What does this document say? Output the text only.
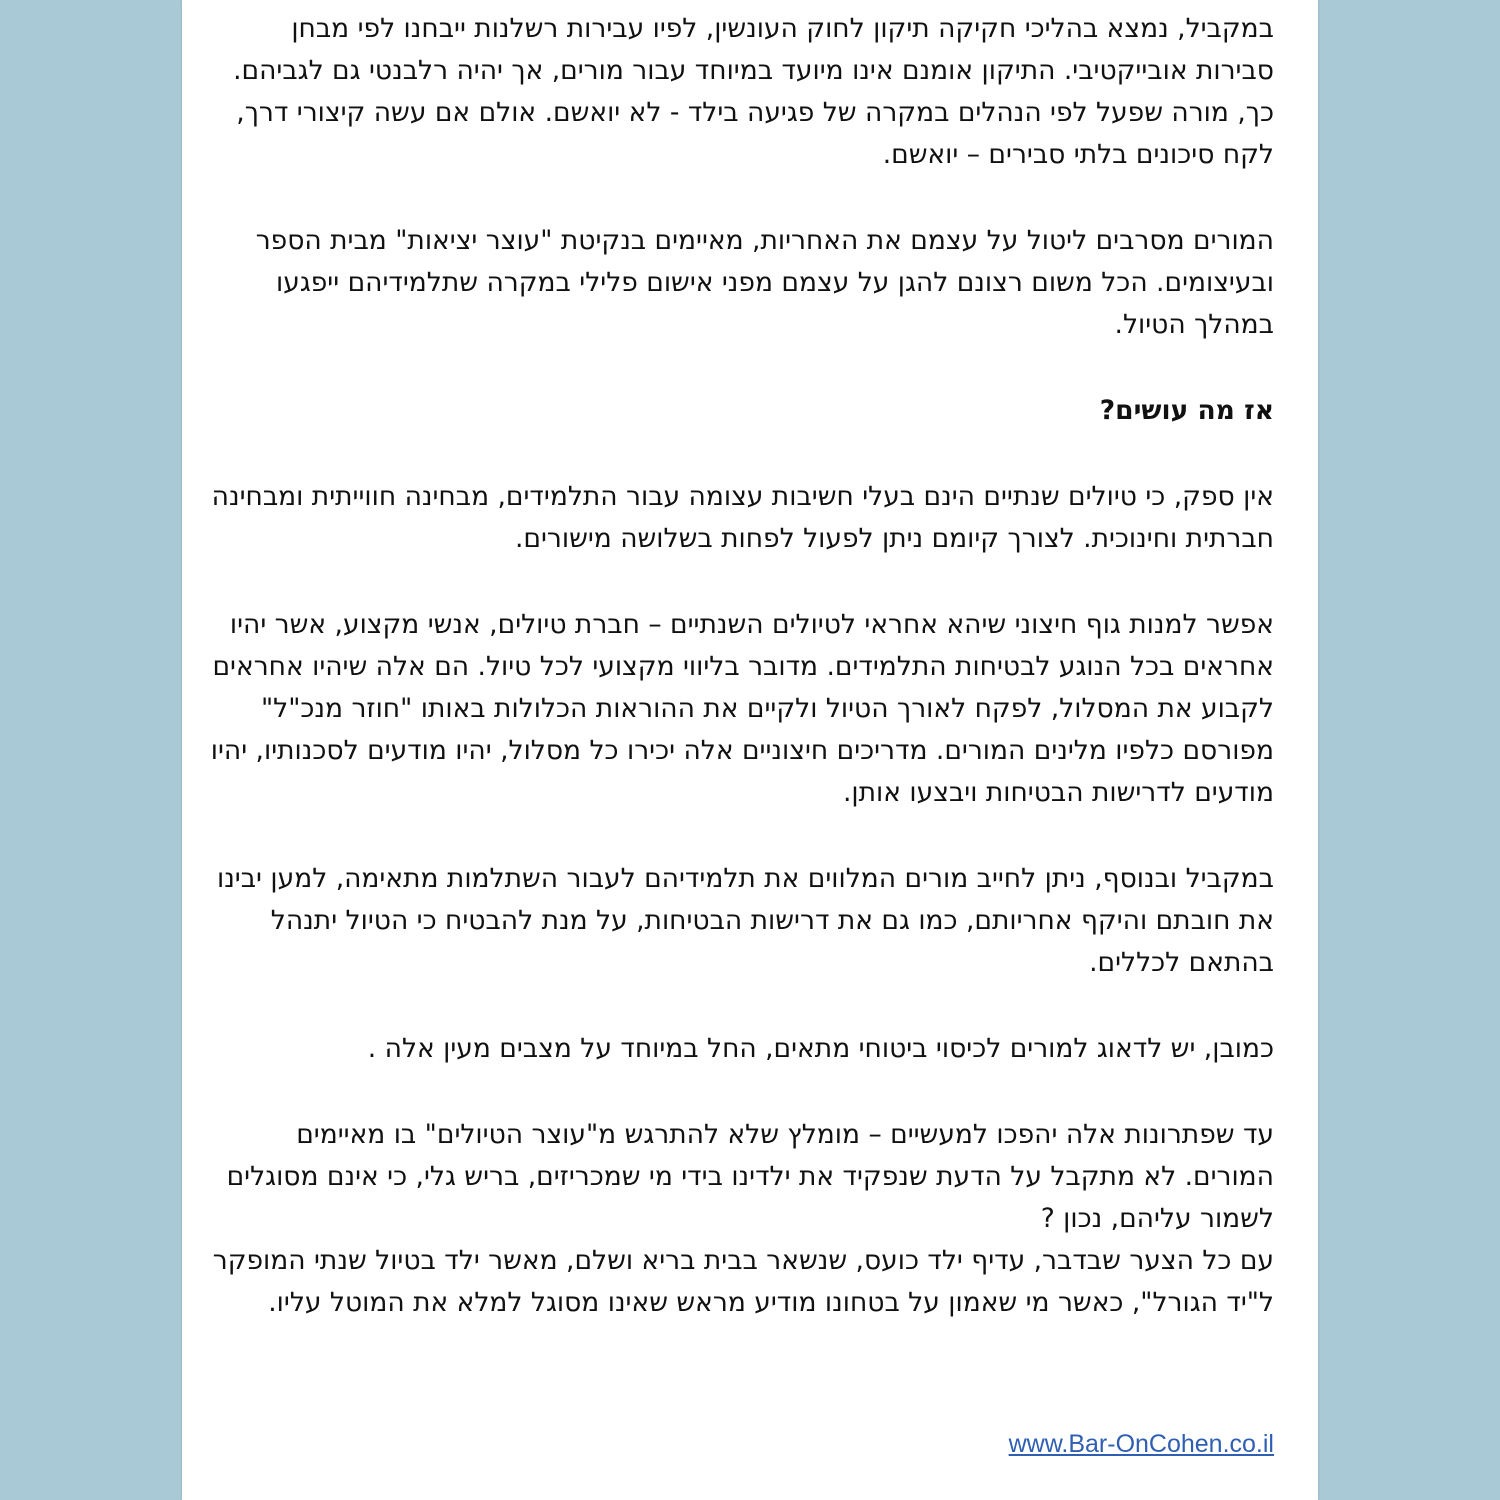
במקביל, נמצא בהליכי חקיקה תיקון לחוק העונשין, לפיו עבירות רשלנות ייבחנו לפי מבחן סבירות אובייקטיבי. התיקון אומנם אינו מיועד במיוחד עבור מורים, אך יהיה רלבנטי גם לגביהם. כך, מורה שפעל לפי הנהלים במקרה של פגיעה בילד - לא יואשם. אולם אם עשה קיצורי דרך, לקח סיכונים בלתי סבירים – יואשם.

המורים מסרבים ליטול על עצמם את האחריות, מאיימים בנקיטת "עוצר יציאות" מבית הספר ובעיצומים. הכל משום רצונם להגן על עצמם מפני אישום פלילי במקרה שתלמידיהם ייפגעו במהלך הטיול.

אז מה עושים?

אין ספק, כי טיולים שנתיים הינם בעלי חשיבות עצומה עבור התלמידים, מבחינה חווייתית ומבחינה חברתית וחינוכית. לצורך קיומם ניתן לפעול לפחות בשלושה מישורים.

אפשר למנות גוף חיצוני שיהא אחראי לטיולים השנתיים – חברת טיולים, אנשי מקצוע, אשר יהיו אחראים בכל הנוגע לבטיחות התלמידים. מדובר בליווי מקצועי לכל טיול. הם אלה שיהיו אחראים לקבוע את המסלול, לפקח לאורך הטיול ולקיים את ההוראות הכלולות באותו "חוזר מנכ"ל" מפורסם כלפיו מלינים המורים. מדריכים חיצוניים אלה יכירו כל מסלול, יהיו מודעים לסכנותיו, יהיו מודעים לדרישות הבטיחות ויבצעו אותן.

במקביל ובנוסף, ניתן לחייב מורים המלווים את תלמידיהם לעבור השתלמות מתאימה, למען יבינו את חובתם והיקף אחריותם, כמו גם את דרישות הבטיחות, על מנת להבטיח כי הטיול יתנהל בהתאם לכללים.

כמובן, יש לדאוג למורים לכיסוי ביטוחי מתאים, החל במיוחד על מצבים מעין אלה .

עד שפתרונות אלה יהפכו למעשיים – מומלץ שלא להתרגש מ"עוצר הטיולים" בו מאיימים המורים. לא מתקבל על הדעת שנפקיד את ילדינו בידי מי שמכריזים, בריש גלי, כי אינם מסוגלים לשמור עליהם, נכון ?

עם כל הצער שבדבר, עדיף ילד כועס, שנשאר בבית בריא ושלם, מאשר ילד בטיול שנתי המופקר ל"יד הגורל", כאשר מי שאמון על בטחונו מודיע מראש שאינו מסוגל למלא את המוטל עליו.

www.Bar-OnCohen.co.il
